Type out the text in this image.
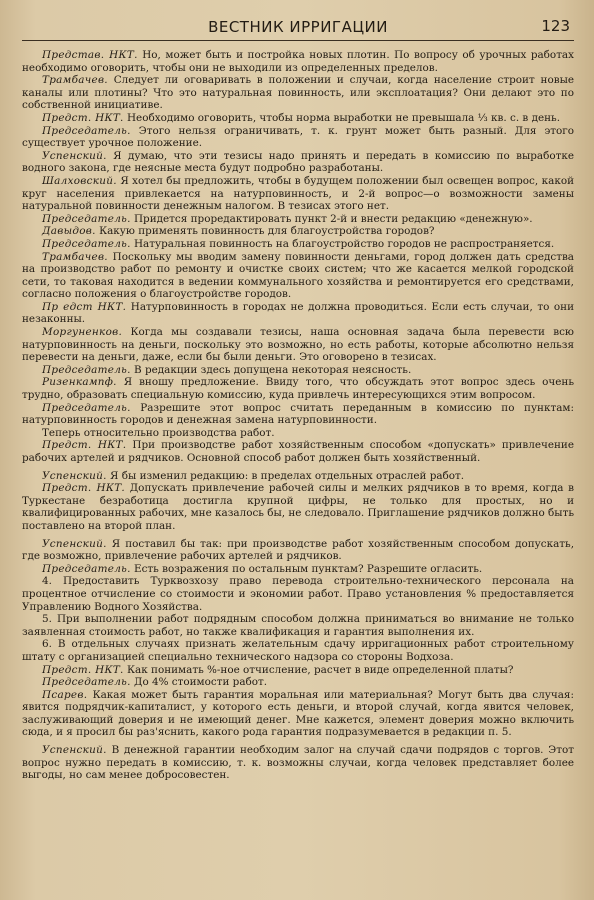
ВЕСТНИК ИРРИГАЦИИ	123

Представ. НКТ. Но, может быть и постройка новых плотин. По вопросу об урочных работах необходимо оговорить, чтобы они не выходили из определенных пределов.

Трамбачев. Следует ли оговаривать в положении и случаи, когда население строит новые каналы или плотины? Что это натуральная повинность, или эксплоатация? Они делают это по собственной инициативе.

Предст. НКТ. Необходимо оговорить, чтобы норма выработки не превышала ⅓ кв. с. в день.

Председатель. Этого нельзя ограничивать, т. к. грунт может быть разный. Для этого существует урочное положение.

Успенский. Я думаю, что эти тезисы надо принять и передать в комиссию по выработке водного закона, где неясные места будут подробно разработаны.

Шалховский. Я хотел бы предложить, чтобы в будущем положении был освещен вопрос, какой круг населения привлекается на натурповинность, и 2-й вопрос—о возможности замены натуральной повинности денежным налогом. В тезисах этого нет.

Председатель. Придется проредактировать пункт 2-й и внести редакцию «денежную».

Давыдов. Какую применять повинность для благоустройства городов?

Председатель. Натуральная повинность на благоустройство городов не распространяется.

Трамбачев. Поскольку мы вводим замену повинности деньгами, город должен дать средства на производство работ по ремонту и очистке своих систем; что же касается мелкой городской сети, то таковая находится в ведении коммунального хозяйства и ремонтируется его средствами, согласно положения о благоустройстве городов.

Пр едст НКТ. Натурповинность в городах не должна проводиться. Если есть случаи, то они незаконны.

Моргуненков. Когда мы создавали тезисы, наша основная задача была перевести всю натурповинность на деньги, поскольку это возможно, но есть работы, которые абсолютно нельзя перевести на деньги, даже, если бы были деньги. Это оговорено в тезисах.

Председатель. В редакции здесь допущена некоторая неясность.

Ризенкампф. Я вношу предложение. Ввиду того, что обсуждать этот вопрос здесь очень трудно, образовать специальную комиссию, куда привлечь интересующихся этим вопросом.

Председатель. Разрешите этот вопрос считать переданным в комиссию по пунктам: натурповинность городов и денежная замена натурповинности.

Теперь относительно производства работ.

Предст. НКТ. При производстве работ хозяйственным способом «допускать» привлечение рабочих артелей и рядчиков. Основной способ работ должен быть хозяйственный.

Успенский. Я бы изменил редакцию: в пределах отдельных отраслей работ.

Предст. НКТ. Допускать привлечение рабочей силы и мелких рядчиков в то время, когда в Туркестане безработица достигла крупной цифры, не только для простых, но и квалифицированных рабочих, мне казалось бы, не следовало. Приглашение рядчиков должно быть поставлено на второй план.

Успенский. Я поставил бы так: при производстве работ хозяйственным способом допускать, где возможно, привлечение рабочих артелей и рядчиков.

Председатель. Есть возражения по остальным пунктам? Разрешите огласить.

4. Предоставить Турквозхозу право перевода строительно-технического персонала на процентное отчисление со стоимости и экономии работ. Право установления % предоставляется Управлению Водного Хозяйства.

5. При выполнении работ подрядным способом должна приниматься во внимание не только заявленная стоимость работ, но также квалификация и гарантия выполнения их.

6. В отдельных случаях признать желательным сдачу ирригационных работ строительному штату с организацией специально технического надзора со стороны Водхоза.

Предст. НКТ. Как понимать %-ное отчисление, расчет в виде определенной платы?

Председатель. До 4% стоимости работ.

Псарев. Какая может быть гарантия моральная или материальная? Могут быть два случая: явится подрядчик-капиталист, у которого есть деньги, и второй случай, когда явится человек, заслуживающий доверия и не имеющий денег. Мне кажется, элемент доверия можно включить сюда, и я просил бы раз'яснить, какого рода гарантия подразумевается в редакции п. 5.

Успенский. В денежной гарантии необходим залог на случай сдачи подрядов с торгов. Этот вопрос нужно передать в комиссию, т. к. возможны случаи, когда человек представляет более выгоды, но сам менее добросовестен.
